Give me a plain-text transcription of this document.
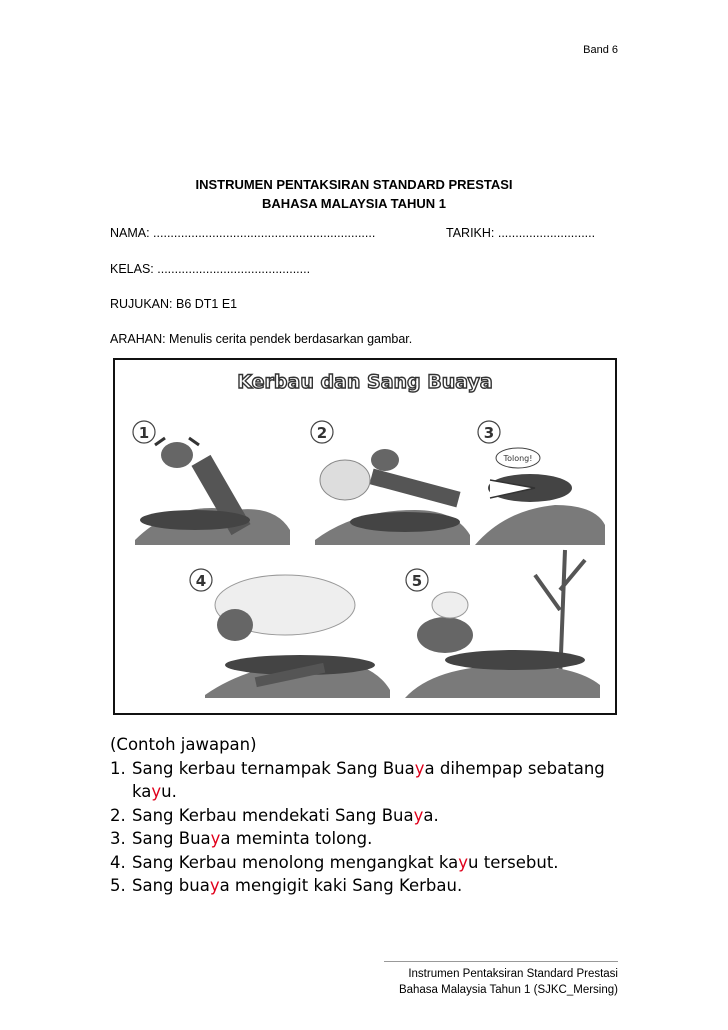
Band 6
INSTRUMEN PENTAKSIRAN STANDARD PRESTASI
BAHASA MALAYSIA TAHUN 1
NAMA: ................................................................	TARIKH: ............................
KELAS: ............................................
RUJUKAN: B6 DT1 E1
ARAHAN: Menulis cerita pendek berdasarkan gambar.
Kerbau dan Sang Buaya
1	2	3
Tolong!
4	5
(Contoh jawapan)
1. Sang kerbau ternampak Sang Buaya dihempap sebatang kayu.
2. Sang Kerbau mendekati Sang Buaya.
3. Sang Buaya meminta tolong.
4. Sang Kerbau menolong mengangkat kayu tersebut.
5. Sang buaya mengigit kaki Sang Kerbau.
Instrumen Pentaksiran Standard Prestasi
Bahasa Malaysia Tahun 1 (SJKC_Mersing)
